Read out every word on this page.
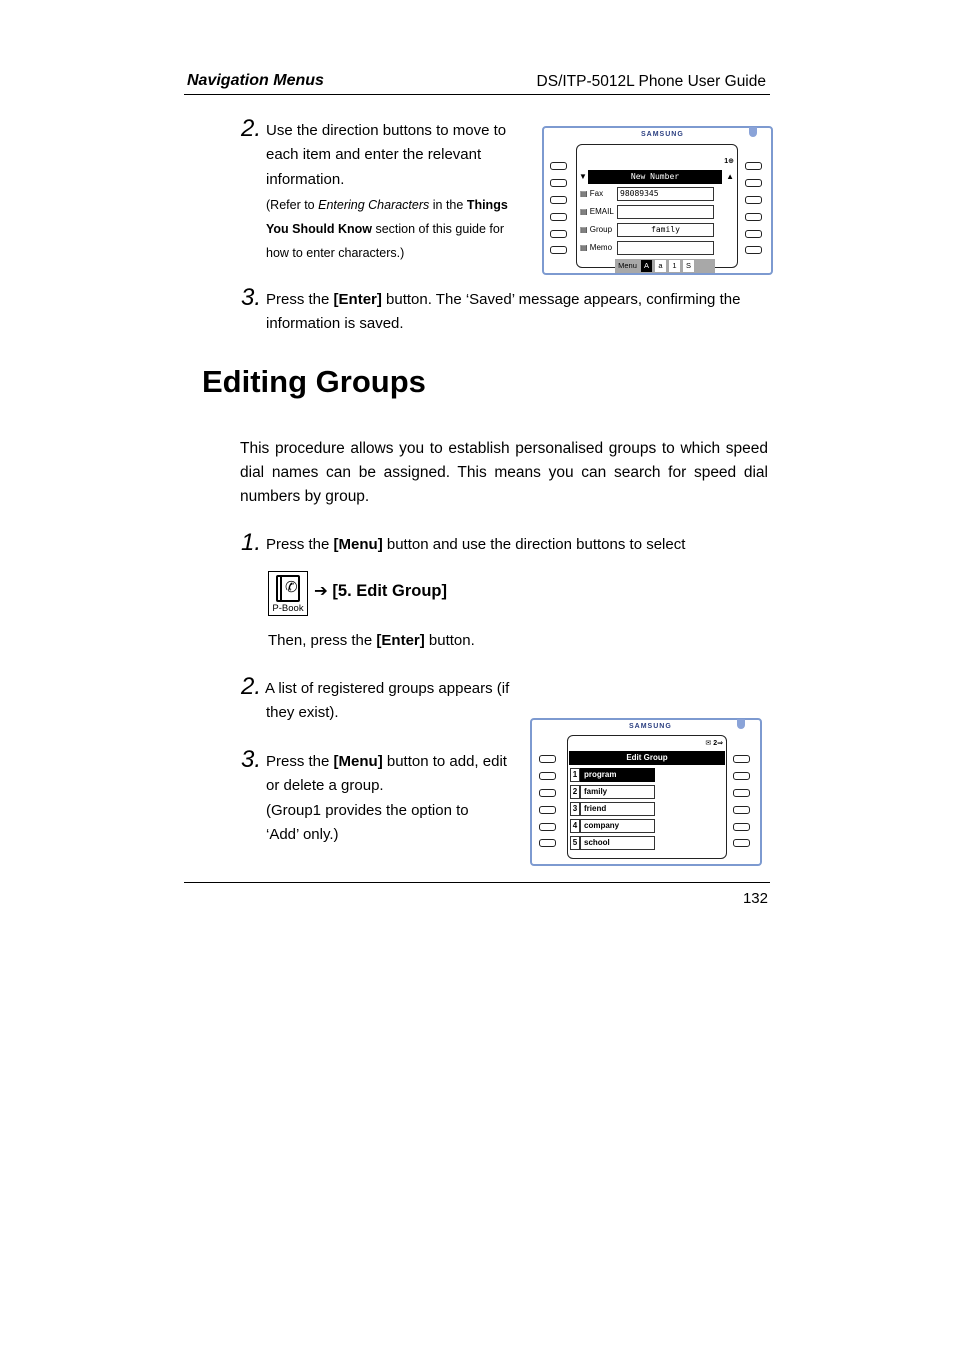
Navigation Menus	DS/ITP-5012L Phone User Guide
2. Use the direction buttons to move to
each item and enter the relevant
information.
(Refer to Entering Characters in the Things
You Should Know section of this guide for
how to enter characters.)
SAMSUNG
1⊕
▼	New Number	▲
▤ Fax	98089345
▤ EMAIL
▤ Group	family
▤ Memo
Menu A	a	1	S
3. Press the [Enter] button. The ‘Saved’ message appears, confirming the
information is saved.
Editing Groups
This procedure allows you to establish personalised groups to which speed dial names can be assigned. This means you can search for speed dial numbers by group.
1. Press the [Menu] button and use the direction buttons to select
✆
P-Book
➔ [5. Edit Group]
Then, press the [Enter] button.
2. A list of registered groups appears (if
they exist).
3. Press the [Menu] button to add, edit
or delete a group.
(Group1 provides the option to
‘Add’ only.)
SAMSUNG
✉ 2⇒
Edit Group
1 program
2 family
3 friend
4 company
5 school
132
